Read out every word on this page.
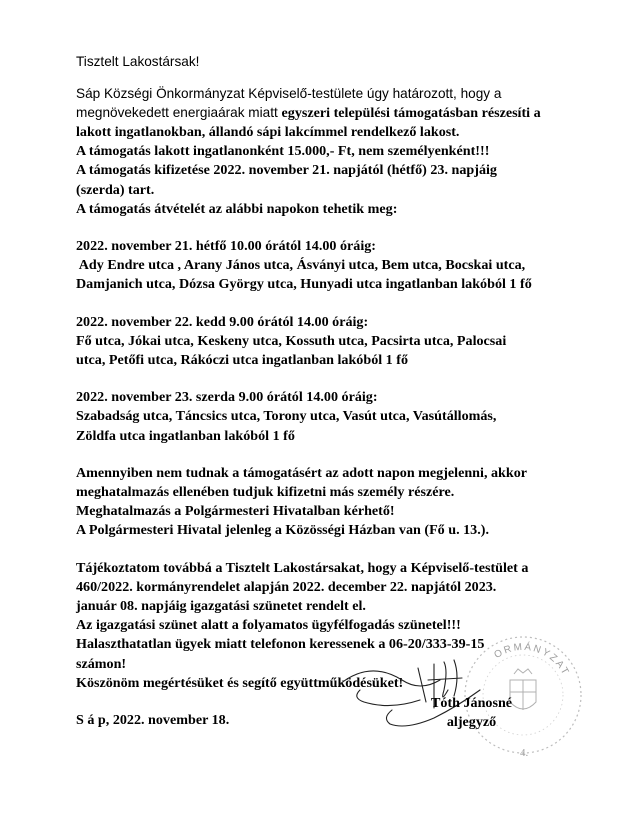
Tisztelt Lakostársak!

Sáp Községi Önkormányzat Képviselő-testülete úgy határozott, hogy a

megnövekedett energiaárak miatt egyszeri települési támogatásban részesíti a

lakott ingatlanokban, állandó sápi lakcímmel rendelkező lakost.

A támogatás lakott ingatlanonként 15.000,- Ft, nem személyenként!!!

A támogatás kifizetése 2022. november 21. napjától (hétfő) 23. napjáig

(szerda) tart.

A támogatás átvételét az alábbi napokon tehetik meg:

2022. november 21. hétfő 10.00 órától 14.00 óráig:

Ady Endre utca , Arany János utca, Ásványi utca, Bem utca, Bocskai utca,

Damjanich utca, Dózsa György utca, Hunyadi utca ingatlanban lakóból 1 fő

2022. november 22. kedd 9.00 órától 14.00 óráig:

Fő utca, Jókai utca, Keskeny utca, Kossuth utca, Pacsirta utca, Palocsai

utca, Petőfi utca, Rákóczi utca ingatlanban lakóból 1 fő

2022. november 23. szerda 9.00 órától 14.00 óráig:

Szabadság utca, Táncsics utca, Torony utca, Vasút utca, Vasútállomás,

Zöldfa utca ingatlanban lakóból 1 fő

Amennyiben nem tudnak a támogatásért az adott napon megjelenni, akkor

meghatalmazás ellenében tudjuk kifizetni más személy részére.

Meghatalmazás a Polgármesteri Hivatalban kérhető!

A Polgármesteri Hivatal jelenleg a Közösségi Házban van (Fő u. 13.).

Tájékoztatom továbbá a Tisztelt Lakostársakat, hogy a Képviselő-testület a

460/2022. kormányrendelet alapján 2022. december 22. napjától 2023.

január 08. napjáig igazgatási szünetet rendelt el.

Az igazgatási szünet alatt a folyamatos ügyfélfogadás szünetel!!!

Halaszthatatlan ügyek miatt telefonon keressenek a 06-20/333-39-15

számon!

Köszönöm megértésüket és segítő együttműködésüket!

S á p, 2022. november 18.

ORMÁNYZAT
4.
Tóth Jánosné
aljegyző
